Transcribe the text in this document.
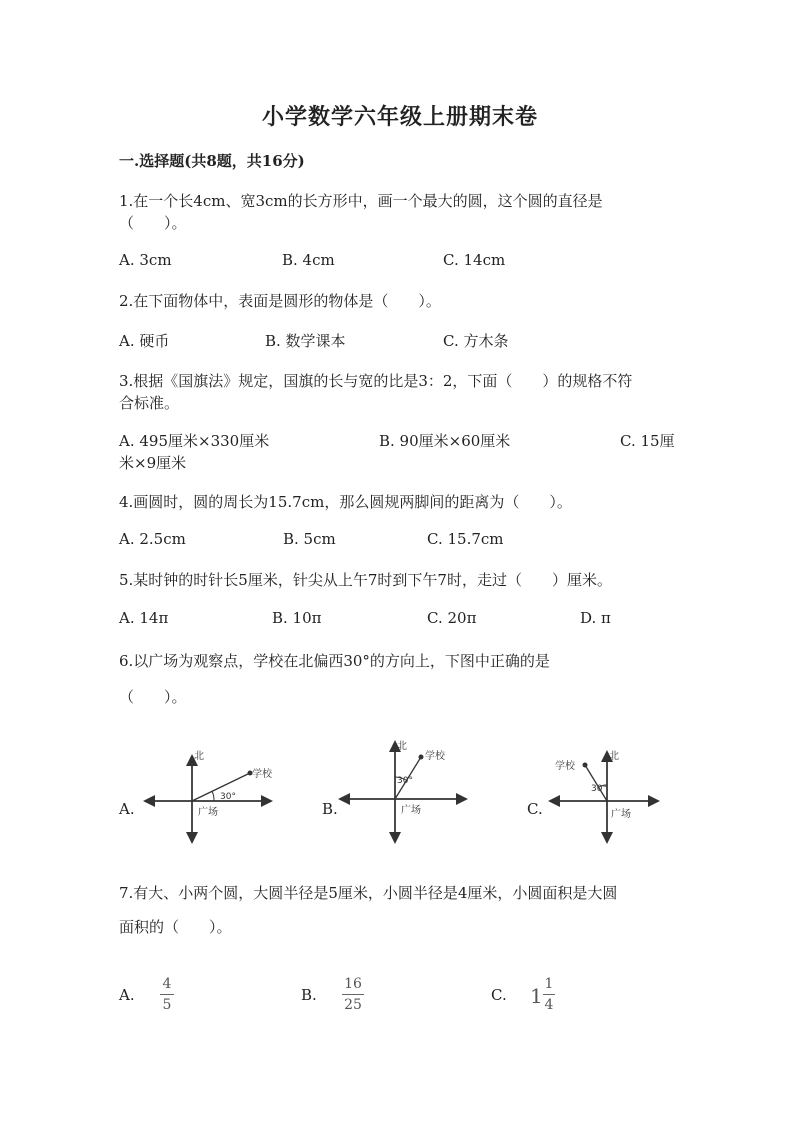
小学数学六年级上册期末卷
一.选择题(共8题，共16分)
1.在一个长4cm、宽3cm的长方形中，画一个最大的圆，这个圆的直径是
（　　）。
A. 3cm	B. 4cm	C. 14cm
2.在下面物体中，表面是圆形的物体是（　　）。
A. 硬币	B. 数学课本	C. 方木条
3.根据《国旗法》规定，国旗的长与宽的比是3：2，下面（　　）的规格不符
合标准。
A. 495厘米×330厘米	B. 90厘米×60厘米	C. 15厘
米×9厘米
4.画圆时，圆的周长为15.7cm，那么圆规两脚间的距离为（　　）。
A. 2.5cm	B. 5cm	C. 15.7cm
5.某时钟的时针长5厘米，针尖从上午7时到下午7时，走过（　　）厘米。
A. 14π	B. 10π	C. 20π	D. π
6.以广场为观察点，学校在北偏西30°的方向上，下图中正确的是
（　　）。
A.	B.	C.
北
学校
30°
广场
北
学校
30°
广场
北
学校
30°
广场
7.有大、小两个圆，大圆半径是5厘米，小圆半径是4厘米，小圆面积是大圆
面积的（　　）。
A.	B.	C.
4
5
16
25	1 1
4
